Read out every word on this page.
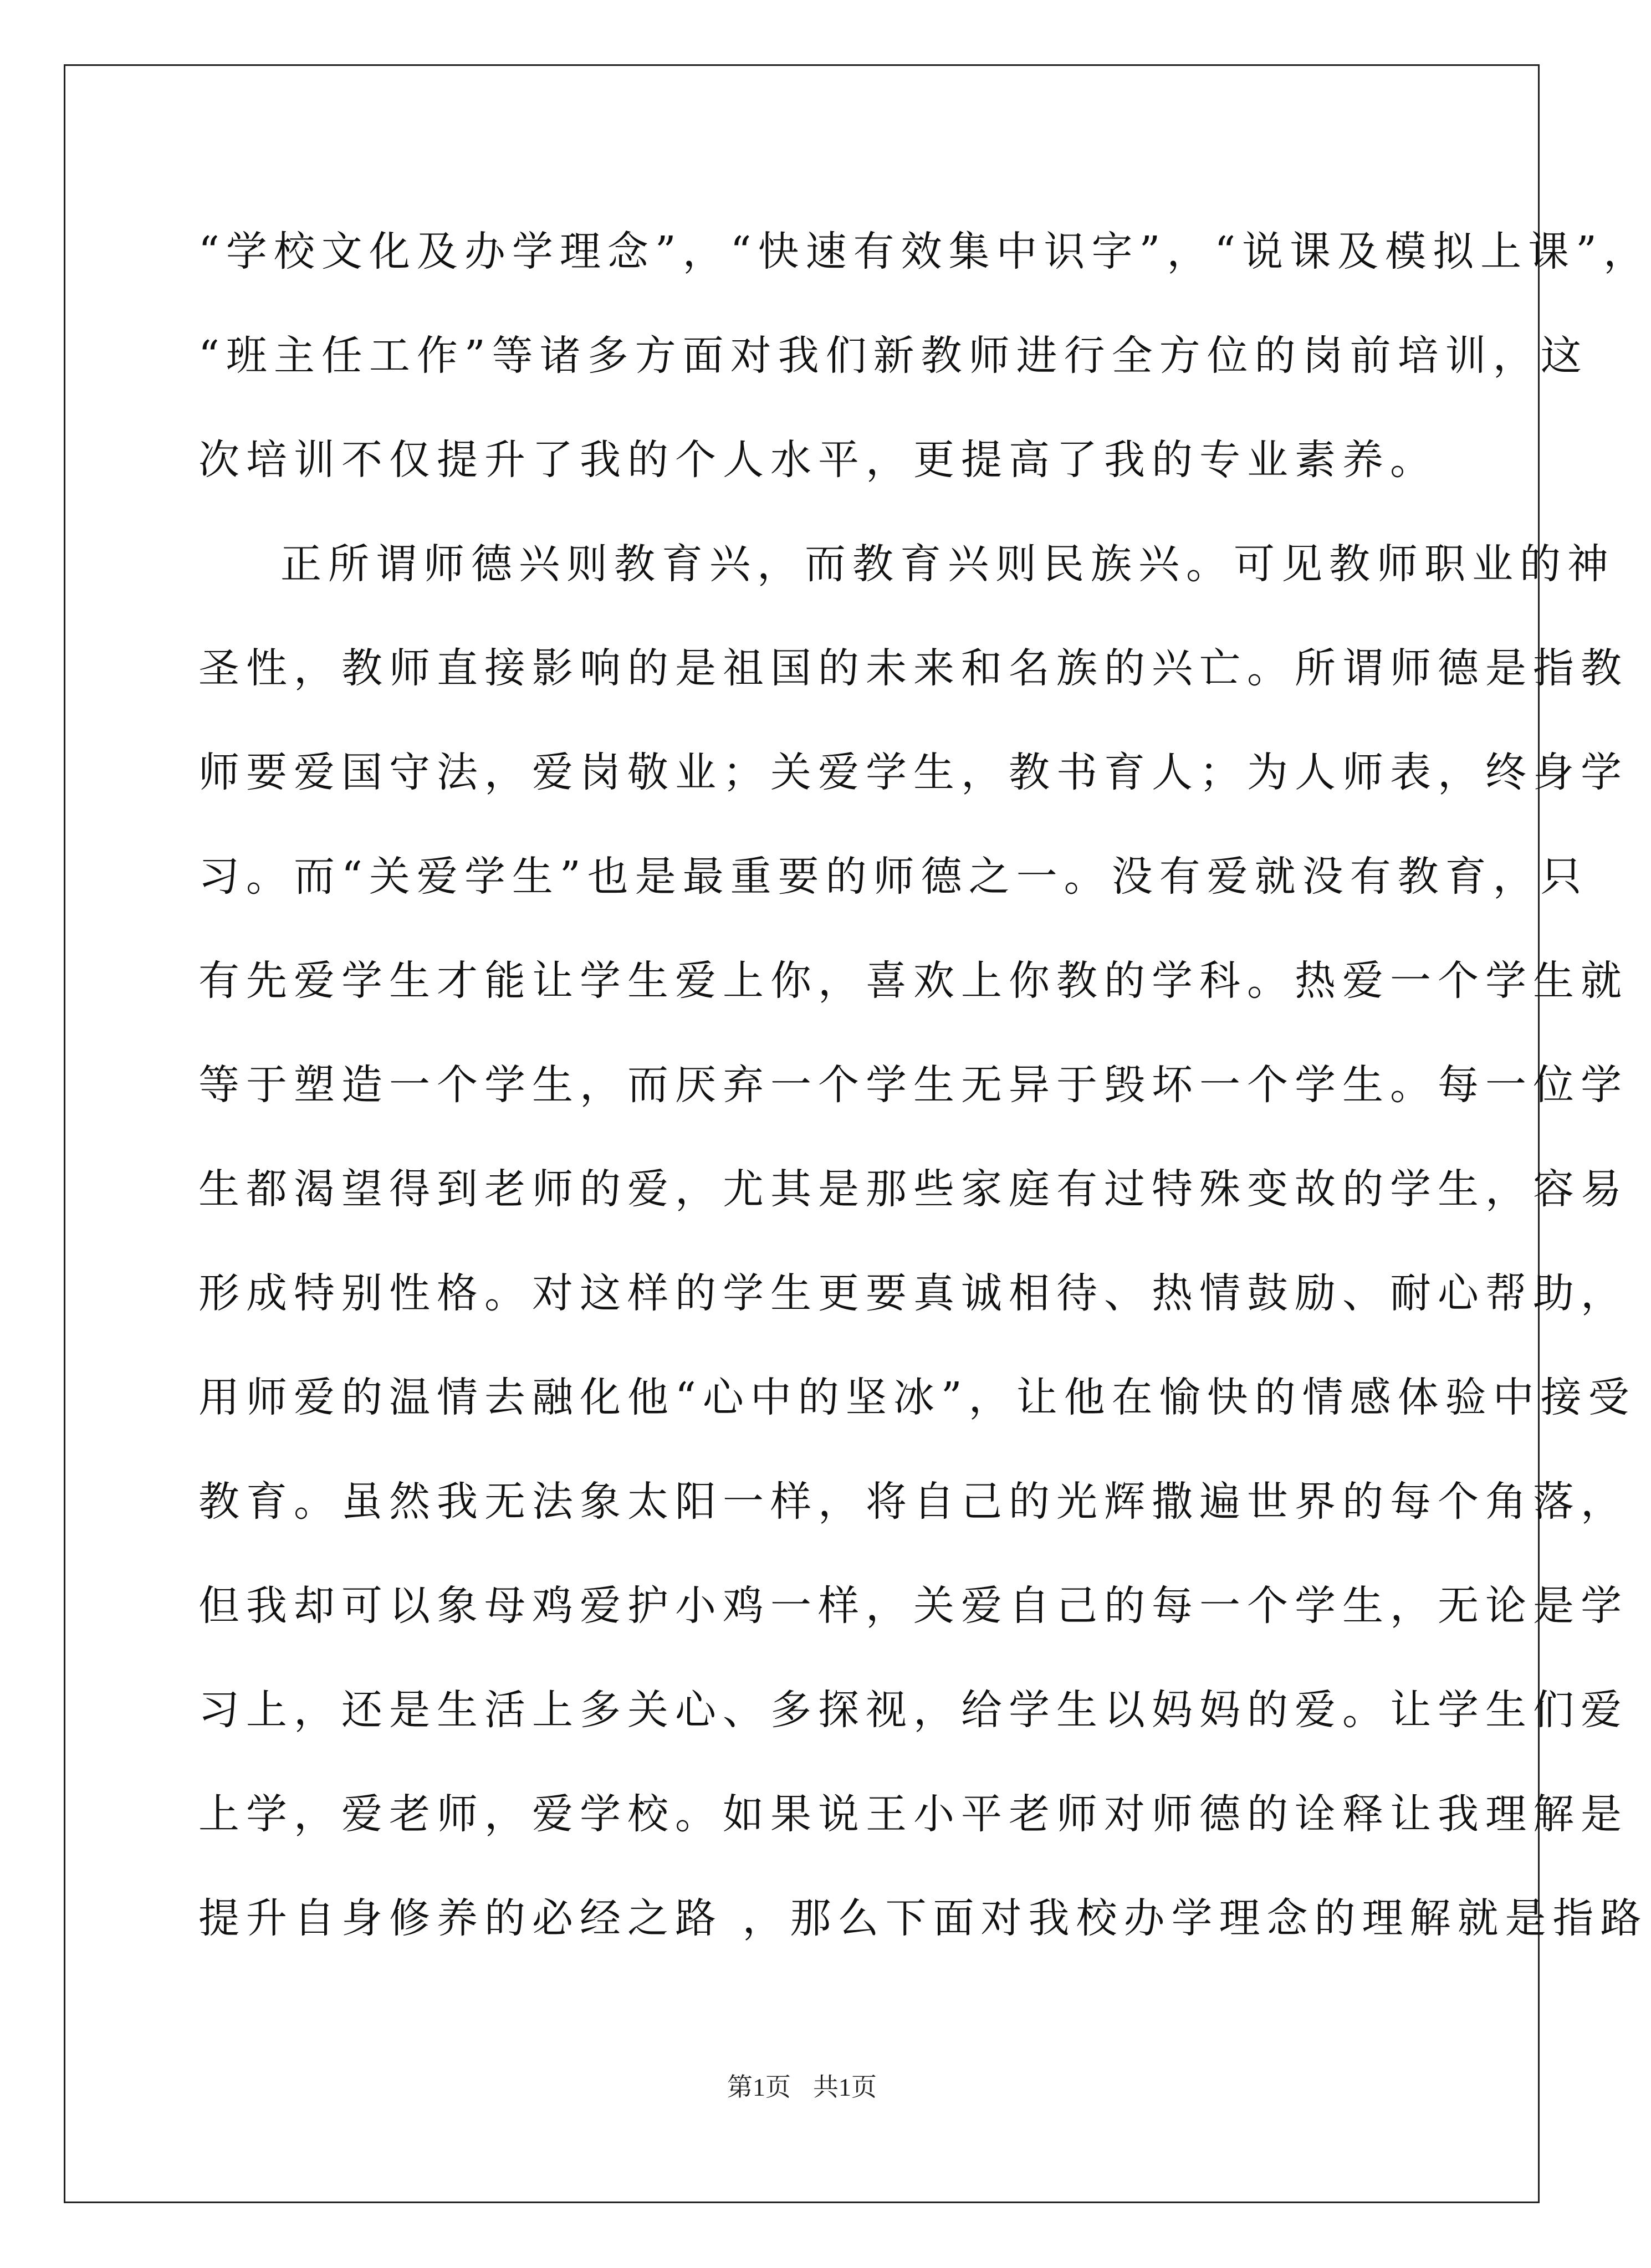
“学校文化及办学理念”，“快速有效集中识字”，“说课及模拟上课”，
“班主任工作”等诸多方面对我们新教师进行全方位的岗前培训，这
次培训不仅提升了我的个人水平，更提高了我的专业素养。
正所谓师德兴则教育兴，而教育兴则民族兴。可见教师职业的神
圣性，教师直接影响的是祖国的未来和名族的兴亡。所谓师德是指教
师要爱国守法，爱岗敬业；关爱学生，教书育人；为人师表，终身学
习。而“关爱学生”也是最重要的师德之一。没有爱就没有教育，只
有先爱学生才能让学生爱上你，喜欢上你教的学科。热爱一个学生就
等于塑造一个学生，而厌弃一个学生无异于毁坏一个学生。每一位学
生都渴望得到老师的爱，尤其是那些家庭有过特殊变故的学生，容易
形成特别性格。对这样的学生更要真诚相待、热情鼓励、耐心帮助，
用师爱的温情去融化他“心中的坚冰”，让他在愉快的情感体验中接受
教育。虽然我无法象太阳一样，将自己的光辉撒遍世界的每个角落，
但我却可以象母鸡爱护小鸡一样，关爱自己的每一个学生，无论是学
习上，还是生活上多关心、多探视，给学生以妈妈的爱。让学生们爱
上学，爱老师，爱学校。如果说王小平老师对师德的诠释让我理解是
提升自身修养的必经之路 ，那么下面对我校办学理念的理解就是指路
第1页 共1页
